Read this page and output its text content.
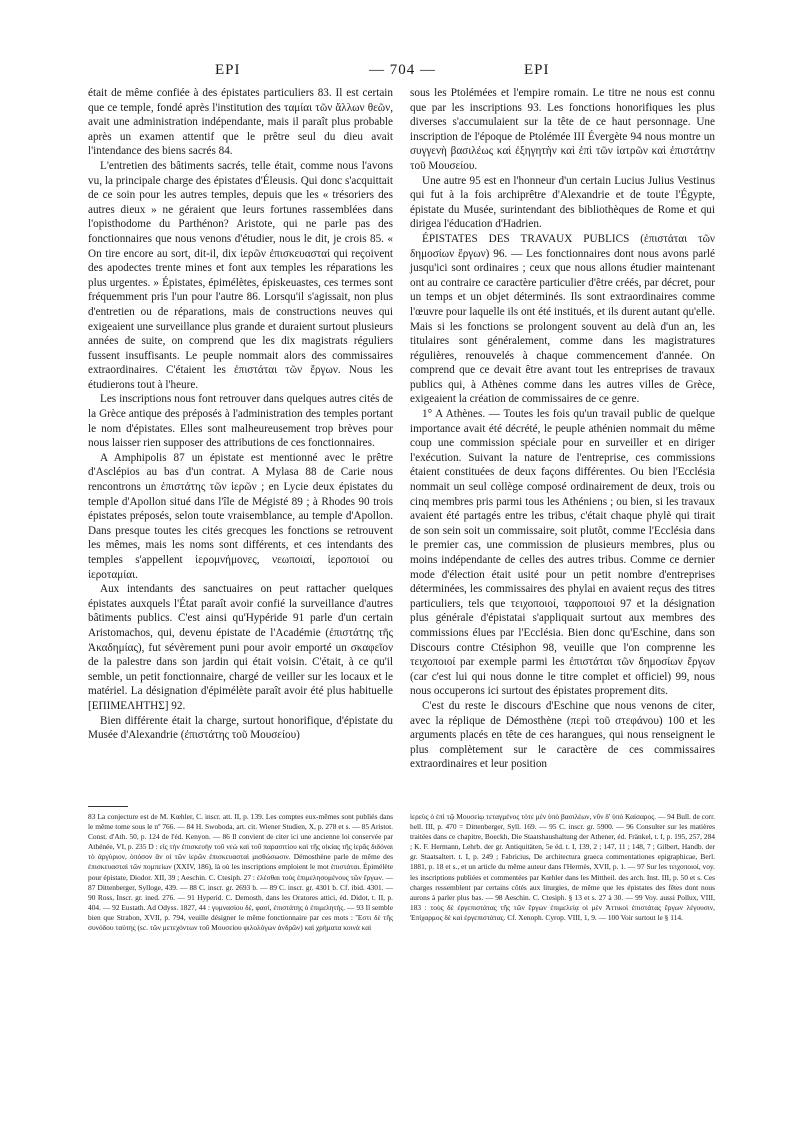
EPI	— 704 —	EPI

était de même confiée à des épistates particuliers 83. Il est certain que ce temple, fondé après l'institution des ταμίαι τῶν ἄλλων θεῶν, avait une administration indépendante, mais il paraît plus probable après un examen attentif que le prêtre seul du dieu avait l'intendance des biens sacrés 84.

L'entretien des bâtiments sacrés, telle était, comme nous l'avons vu, la principale charge des épistates d'Éleusis. Qui donc s'acquittait de ce soin pour les autres temples, depuis que les « trésoriers des autres dieux » ne géraient que leurs fortunes rassemblées dans l'opisthodome du Parthénon? Aristote, qui ne parle pas des fonctionnaires que nous venons d'étudier, nous le dit, je crois 85. « On tire encore au sort, dit-il, dix ἱερῶν ἐπισκευασταί qui reçoivent des apodectes trente mines et font aux temples les réparations les plus urgentes. » Épistates, épimélètes, épiskeuastes, ces termes sont fréquemment pris l'un pour l'autre 86. Lorsqu'il s'agissait, non plus d'entretien ou de réparations, mais de constructions neuves qui exigeaient une surveillance plus grande et duraient surtout plusieurs années de suite, on comprend que les dix magistrats réguliers fussent insuffisants. Le peuple nommait alors des commissaires extraordinaires. C'étaient les ἐπιστάται τῶν ἔργων. Nous les étudierons tout à l'heure.

Les inscriptions nous font retrouver dans quelques autres cités de la Grèce antique des préposés à l'administration des temples portant le nom d'épistates. Elles sont malheureusement trop brèves pour nous laisser rien supposer des attributions de ces fonctionnaires.

A Amphipolis 87 un épistate est mentionné avec le prêtre d'Asclépios au bas d'un contrat. A Mylasa 88 de Carie nous rencontrons un ἐπιστάτης τῶν ἱερῶν ; en Lycie deux épistates du temple d'Apollon situé dans l'île de Mégisté 89 ; à Rhodes 90 trois épistates préposés, selon toute vraisemblance, au temple d'Apollon. Dans presque toutes les cités grecques les fonctions se retrouvent les mêmes, mais les noms sont différents, et ces intendants des temples s'appellent ἱερομνήμονες, νεωποιαί, ἱεροποιοί ou ἱεροταμίαι.

Aux intendants des sanctuaires on peut rattacher quelques épistates auxquels l'État paraît avoir confié la surveillance d'autres bâtiments publics. C'est ainsi qu'Hypéride 91 parle d'un certain Aristomachos, qui, devenu épistate de l'Académie (ἐπιστάτης τῆς Ἀκαδημίας), fut sévèrement puni pour avoir emporté un σκαφεῖον de la palestre dans son jardin qui était voisin. C'était, à ce qu'il semble, un petit fonctionnaire, chargé de veiller sur les locaux et le matériel. La désignation d'épimélète paraît avoir été plus habituelle [ΕΠΙΜΕΛΗΤΗΣ] 92.

Bien différente était la charge, surtout honorifique, d'épistate du Musée d'Alexandrie (ἐπιστάτης τοῦ Μουσείου)

sous les Ptolémées et l'empire romain. Le titre ne nous est connu que par les inscriptions 93. Les fonctions honorifiques les plus diverses s'accumulaient sur la tête de ce haut personnage. Une inscription de l'époque de Ptolémée III Évergète 94 nous montre un συγγενὴ βασιλέως καὶ ἐξηγητὴν καὶ ἐπὶ τῶν ἰατρῶν καὶ ἐπιστάτην τοῦ Μουσείου.

Une autre 95 est en l'honneur d'un certain Lucius Julius Vestinus qui fut à la fois archiprêtre d'Alexandrie et de toute l'Égypte, épistate du Musée, surintendant des bibliothèques de Rome et qui dirigea l'éducation d'Hadrien.

ÉPISTATES DES TRAVAUX PUBLICS (ἐπιστάται τῶν δημοσίων ἔργων) 96. — Les fonctionnaires dont nous avons parlé jusqu'ici sont ordinaires ; ceux que nous allons étudier maintenant ont au contraire ce caractère particulier d'être créés, par décret, pour un temps et un objet déterminés. Ils sont extraordinaires comme l'œuvre pour laquelle ils ont été institués, et ils durent autant qu'elle. Mais si les fonctions se prolongent souvent au delà d'un an, les titulaires sont généralement, comme dans les magistratures régulières, renouvelés à chaque commencement d'année. On comprend que ce devait être avant tout les entreprises de travaux publics qui, à Athènes comme dans les autres villes de Grèce, exigeaient la création de commissaires de ce genre.

1° A Athènes. — Toutes les fois qu'un travail public de quelque importance avait été décrété, le peuple athénien nommait du même coup une commission spéciale pour en surveiller et en diriger l'exécution. Suivant la nature de l'entreprise, ces commissions étaient constituées de deux façons différentes. Ou bien l'Ecclésia nommait un seul collège composé ordinairement de deux, trois ou cinq membres pris parmi tous les Athéniens ; ou bien, si les travaux avaient été partagés entre les tribus, c'était chaque phylè qui tirait de son sein soit un commissaire, soit plutôt, comme l'Ecclésia dans le premier cas, une commission de plusieurs membres, plus ou moins indépendante de celles des autres tribus. Comme ce dernier mode d'élection était usité pour un petit nombre d'entreprises déterminées, les commissaires des phylai en avaient reçus des titres particuliers, tels que τειχοποιοί, ταφροποιοί 97 et la désignation plus générale d'épistatai s'appliquait surtout aux membres des commissions élues par l'Ecclésia. Bien donc qu'Eschine, dans son Discours contre Ctésiphon 98, veuille que l'on comprenne les τειχοποιοί par exemple parmi les ἐπιστάται τῶν δημοσίων ἔργων (car c'est lui qui nous donne le titre complet et officiel) 99, nous nous occuperons ici surtout des épistates proprement dits.

C'est du reste le discours d'Eschine que nous venons de citer, avec la réplique de Démosthène (περὶ τοῦ στεφάνου) 100 et les arguments placés en tête de ces harangues, qui nous renseignent le plus complètement sur le caractère de ces commissaires extraordinaires et leur position

83 La conjecture est de M. Kœhler, C. inscr. att. II, p. 139. Les comptes eux-mêmes sont publiés dans le même tome sous le nº 766. — 84 H. Swoboda, art. cit. Wiener Studien, X, p. 278 et s. — 85 Aristot. Const. d'Ath. 50, p. 124 de l'éd. Kenyon. — 86 Il convient de citer ici une ancienne loi conservée par Athénée, VI, p. 235 D : εἰς τὴν ἐπισκευὴν τοῦ νεὼ καὶ τοῦ παρασιτίου καὶ τῆς οἰκίας τῆς ἱερᾶς διδόναι τὸ ἀργύριον, ὁπόσον ἂν οἱ τῶν ἱερῶν ἐπισκευασταὶ μισθώσωσιν. Démosthène parle de même des ἐπισκευασταὶ τῶν πομπείων (XXIV, 186), là où les inscriptions emploient le mot ἐπιστάται. Épimélète pour épistate, Diodor. XII, 39 ; Aeschin. C. Ctesiph. 27 : ἐλέσθαι τοὺς ἐπιμελησομένους τῶν ἔργων. — 87 Dittenberger, Sylloge, 439. — 88 C. inscr. gr. 2693 b. — 89 C. inscr. gr. 4301 b. Cf. ibid. 4301. — 90 Ross, Inscr. gr. ined. 276. — 91 Hyperid. C. Demosth. dans les Oratores attici, éd. Didot, t. II, p. 404. — 92 Eustath. Ad Odyss. 1827, 44 : γυμνασίου δέ, φασί, ἐπιστάτης ὁ ἐπιμελητής. — 93 Il semble bien que Strabon, XVII, p. 794, veuille désigner le même fonctionnaire par ces mots : Ἔστι δὲ τῆς συνόδου ταύτης (sc. τῶν μετεχόντων τοῦ Μουσείου φιλολόγων ἀνδρῶν) καὶ χρήματα κοινὰ καὶ

ἱερεὺς ὁ ἐπὶ τῷ Μουσείῳ τεταγμένος τότε μὲν ὑπὸ βασιλέων, νῦν δ' ὑπὸ Καίσαρος. — 94 Bull. de corr. hell. III, p. 470 = Dittenberger, Syll. 169. — 95 C. inscr. gr. 5900. — 96 Consulter sur les matières traitées dans ce chapitre, Boeckh, Die Staatshaushaltung der Athener, éd. Fränkel, t. I, p. 195, 257, 284 ; K. F. Hermann, Lehrb. der gr. Antiquitäten, 5e éd. t. I, 139, 2 ; 147, 11 ; 148, 7 ; Gilbert, Handb. der gr. Staatsaltert. t. I, p. 249 ; Fabricius, De architectura graeca commentationes epigraphicae, Berl. 1881, p. 18 et s., et un article du même auteur dans l'Hermès, XVII, p. 1. — 97 Sur les τειχοποιοί, voy. les inscriptions publiées et commentées par Kœhler dans les Mittheil. des arch. Inst. III, p. 50 et s. Ces charges ressemblent par certains côtés aux liturgies, de même que les épistates des fêtes dont nous aurons à parler plus bas. — 98 Aeschin. C. Ctesiph. § 13 et s. 27 à 30. — 99 Voy. aussi Pollux, VIII, 183 : τοὺς δὲ ἐργεπιστάτας τῆς τῶν ἔργων ἐπιμελείᾳ οἱ μὲν Ἀττικοὶ ἐπιστάτας ἔργων λέγουσιν, Ἐπίχαρμος δὲ καὶ ἐργεπιστάτας. Cf. Xenoph. Cyrop. VIII, 1, 9. — 100 Voir surtout le § 114.
